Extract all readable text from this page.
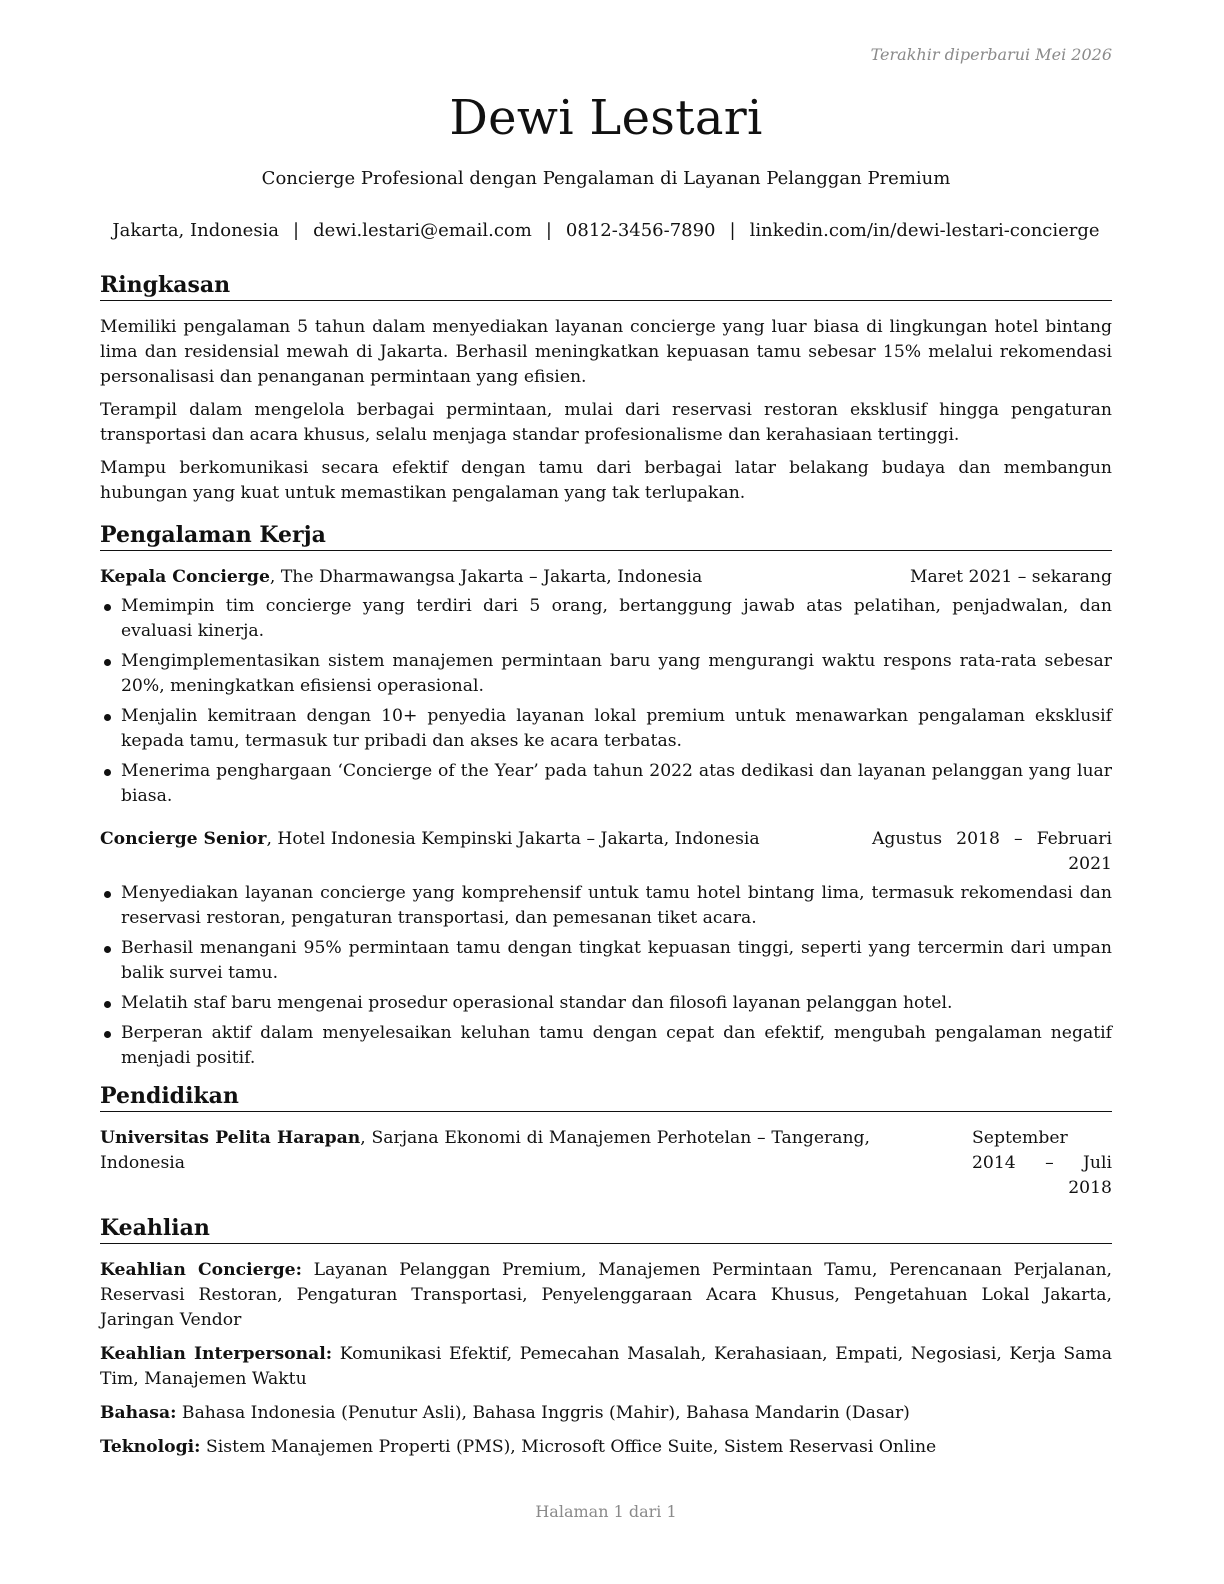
Terakhir diperbarui Mei 2026
Dewi Lestari
Concierge Profesional dengan Pengalaman di Layanan Pelanggan Premium
Jakarta, Indonesia | dewi.lestari@email.com | 0812-3456-7890 | linkedin.com/in/dewi-lestari-concierge
Ringkasan

Memiliki pengalaman 5 tahun dalam menyediakan layanan concierge yang luar biasa di lingkungan hotel bintang lima dan residensial mewah di Jakarta. Berhasil meningkatkan kepuasan tamu sebesar 15% melalui rekomendasi personalisasi dan penanganan permintaan yang efisien.

Terampil dalam mengelola berbagai permintaan, mulai dari reservasi restoran eksklusif hingga pengaturan transportasi dan acara khusus, selalu menjaga standar profesionalisme dan kerahasiaan tertinggi.

Mampu berkomunikasi secara efektif dengan tamu dari berbagai latar belakang budaya dan membangun hubungan yang kuat untuk memastikan pengalaman yang tak terlupakan.

Pengalaman Kerja
Kepala Concierge, The Dharmawangsa Jakarta – Jakarta, Indonesia	Maret 2021 – sekarang
Memimpin tim concierge yang terdiri dari 5 orang, bertanggung jawab atas pelatihan, penjadwalan, dan evaluasi kinerja.
Mengimplementasikan sistem manajemen permintaan baru yang mengurangi waktu respons rata-rata sebesar 20%, meningkatkan efisiensi operasional.
Menjalin kemitraan dengan 10+ penyedia layanan lokal premium untuk menawarkan pengalaman eksklusif kepada tamu, termasuk tur pribadi dan akses ke acara terbatas.
Menerima penghargaan ‘Concierge of the Year’ pada tahun 2022 atas dedikasi dan layanan pelanggan yang luar biasa.
Concierge Senior, Hotel Indonesia Kempinski Jakarta – Jakarta, Indonesia	Agustus 2018 – Februari 2021
Menyediakan layanan concierge yang komprehensif untuk tamu hotel bintang lima, termasuk rekomendasi dan reservasi restoran, pengaturan transportasi, dan pemesanan tiket acara.
Berhasil menangani 95% permintaan tamu dengan tingkat kepuasan tinggi, seperti yang tercermin dari umpan balik survei tamu.
Melatih staf baru mengenai prosedur operasional standar dan filosofi layanan pelanggan hotel.
Berperan aktif dalam menyelesaikan keluhan tamu dengan cepat dan efektif, mengubah pengalaman negatif menjadi positif.
Pendidikan
Universitas Pelita Harapan, Sarjana Ekonomi di Manajemen Perhotelan – Tangerang, Indonesia
September 2014 – Juli 2018
Keahlian
Keahlian Concierge: Layanan Pelanggan Premium, Manajemen Permintaan Tamu, Perencanaan Perjalanan, Reservasi Restoran, Pengaturan Transportasi, Penyelenggaraan Acara Khusus, Pengetahuan Lokal Jakarta, Jaringan Vendor
Keahlian Interpersonal: Komunikasi Efektif, Pemecahan Masalah, Kerahasiaan, Empati, Negosiasi, Kerja Sama Tim, Manajemen Waktu
Bahasa: Bahasa Indonesia (Penutur Asli), Bahasa Inggris (Mahir), Bahasa Mandarin (Dasar)
Teknologi: Sistem Manajemen Properti (PMS), Microsoft Office Suite, Sistem Reservasi Online
Halaman 1 dari 1
